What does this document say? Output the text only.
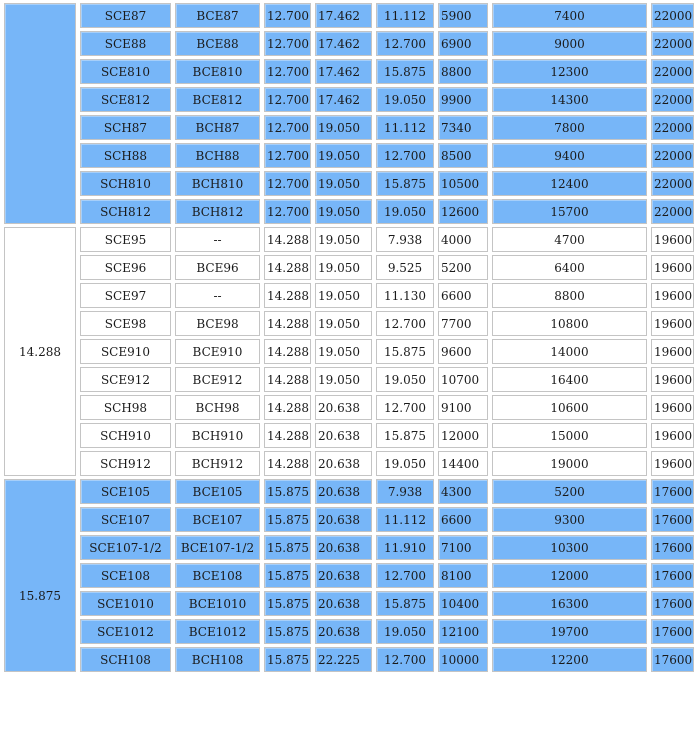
	SCE87	BCE87	12.700	17.462	11.112	5900	7400	22000
	SCE88	BCE88	12.700	17.462	12.700	6900	9000	22000
	SCE810	BCE810	12.700	17.462	15.875	8800	12300	22000
	SCE812	BCE812	12.700	17.462	19.050	9900	14300	22000
	SCH87	BCH87	12.700	19.050	11.112	7340	7800	22000
	SCH88	BCH88	12.700	19.050	12.700	8500	9400	22000
	SCH810	BCH810	12.700	19.050	15.875	10500	12400	22000
	SCH812	BCH812	12.700	19.050	19.050	12600	15700	22000
14.288	SCE95	--	14.288	19.050	7.938	4000	4700	19600
	SCE96	BCE96	14.288	19.050	9.525	5200	6400	19600
	SCE97	--	14.288	19.050	11.130	6600	8800	19600
	SCE98	BCE98	14.288	19.050	12.700	7700	10800	19600
	SCE910	BCE910	14.288	19.050	15.875	9600	14000	19600
	SCE912	BCE912	14.288	19.050	19.050	10700	16400	19600
	SCH98	BCH98	14.288	20.638	12.700	9100	10600	19600
	SCH910	BCH910	14.288	20.638	15.875	12000	15000	19600
	SCH912	BCH912	14.288	20.638	19.050	14400	19000	19600
15.875	SCE105	BCE105	15.875	20.638	7.938	4300	5200	17600
	SCE107	BCE107	15.875	20.638	11.112	6600	9300	17600
	SCE107-1/2	BCE107-1/2	15.875	20.638	11.910	7100	10300	17600
	SCE108	BCE108	15.875	20.638	12.700	8100	12000	17600
	SCE1010	BCE1010	15.875	20.638	15.875	10400	16300	17600
	SCE1012	BCE1012	15.875	20.638	19.050	12100	19700	17600
	SCH108	BCH108	15.875	22.225	12.700	10000	12200	17600
